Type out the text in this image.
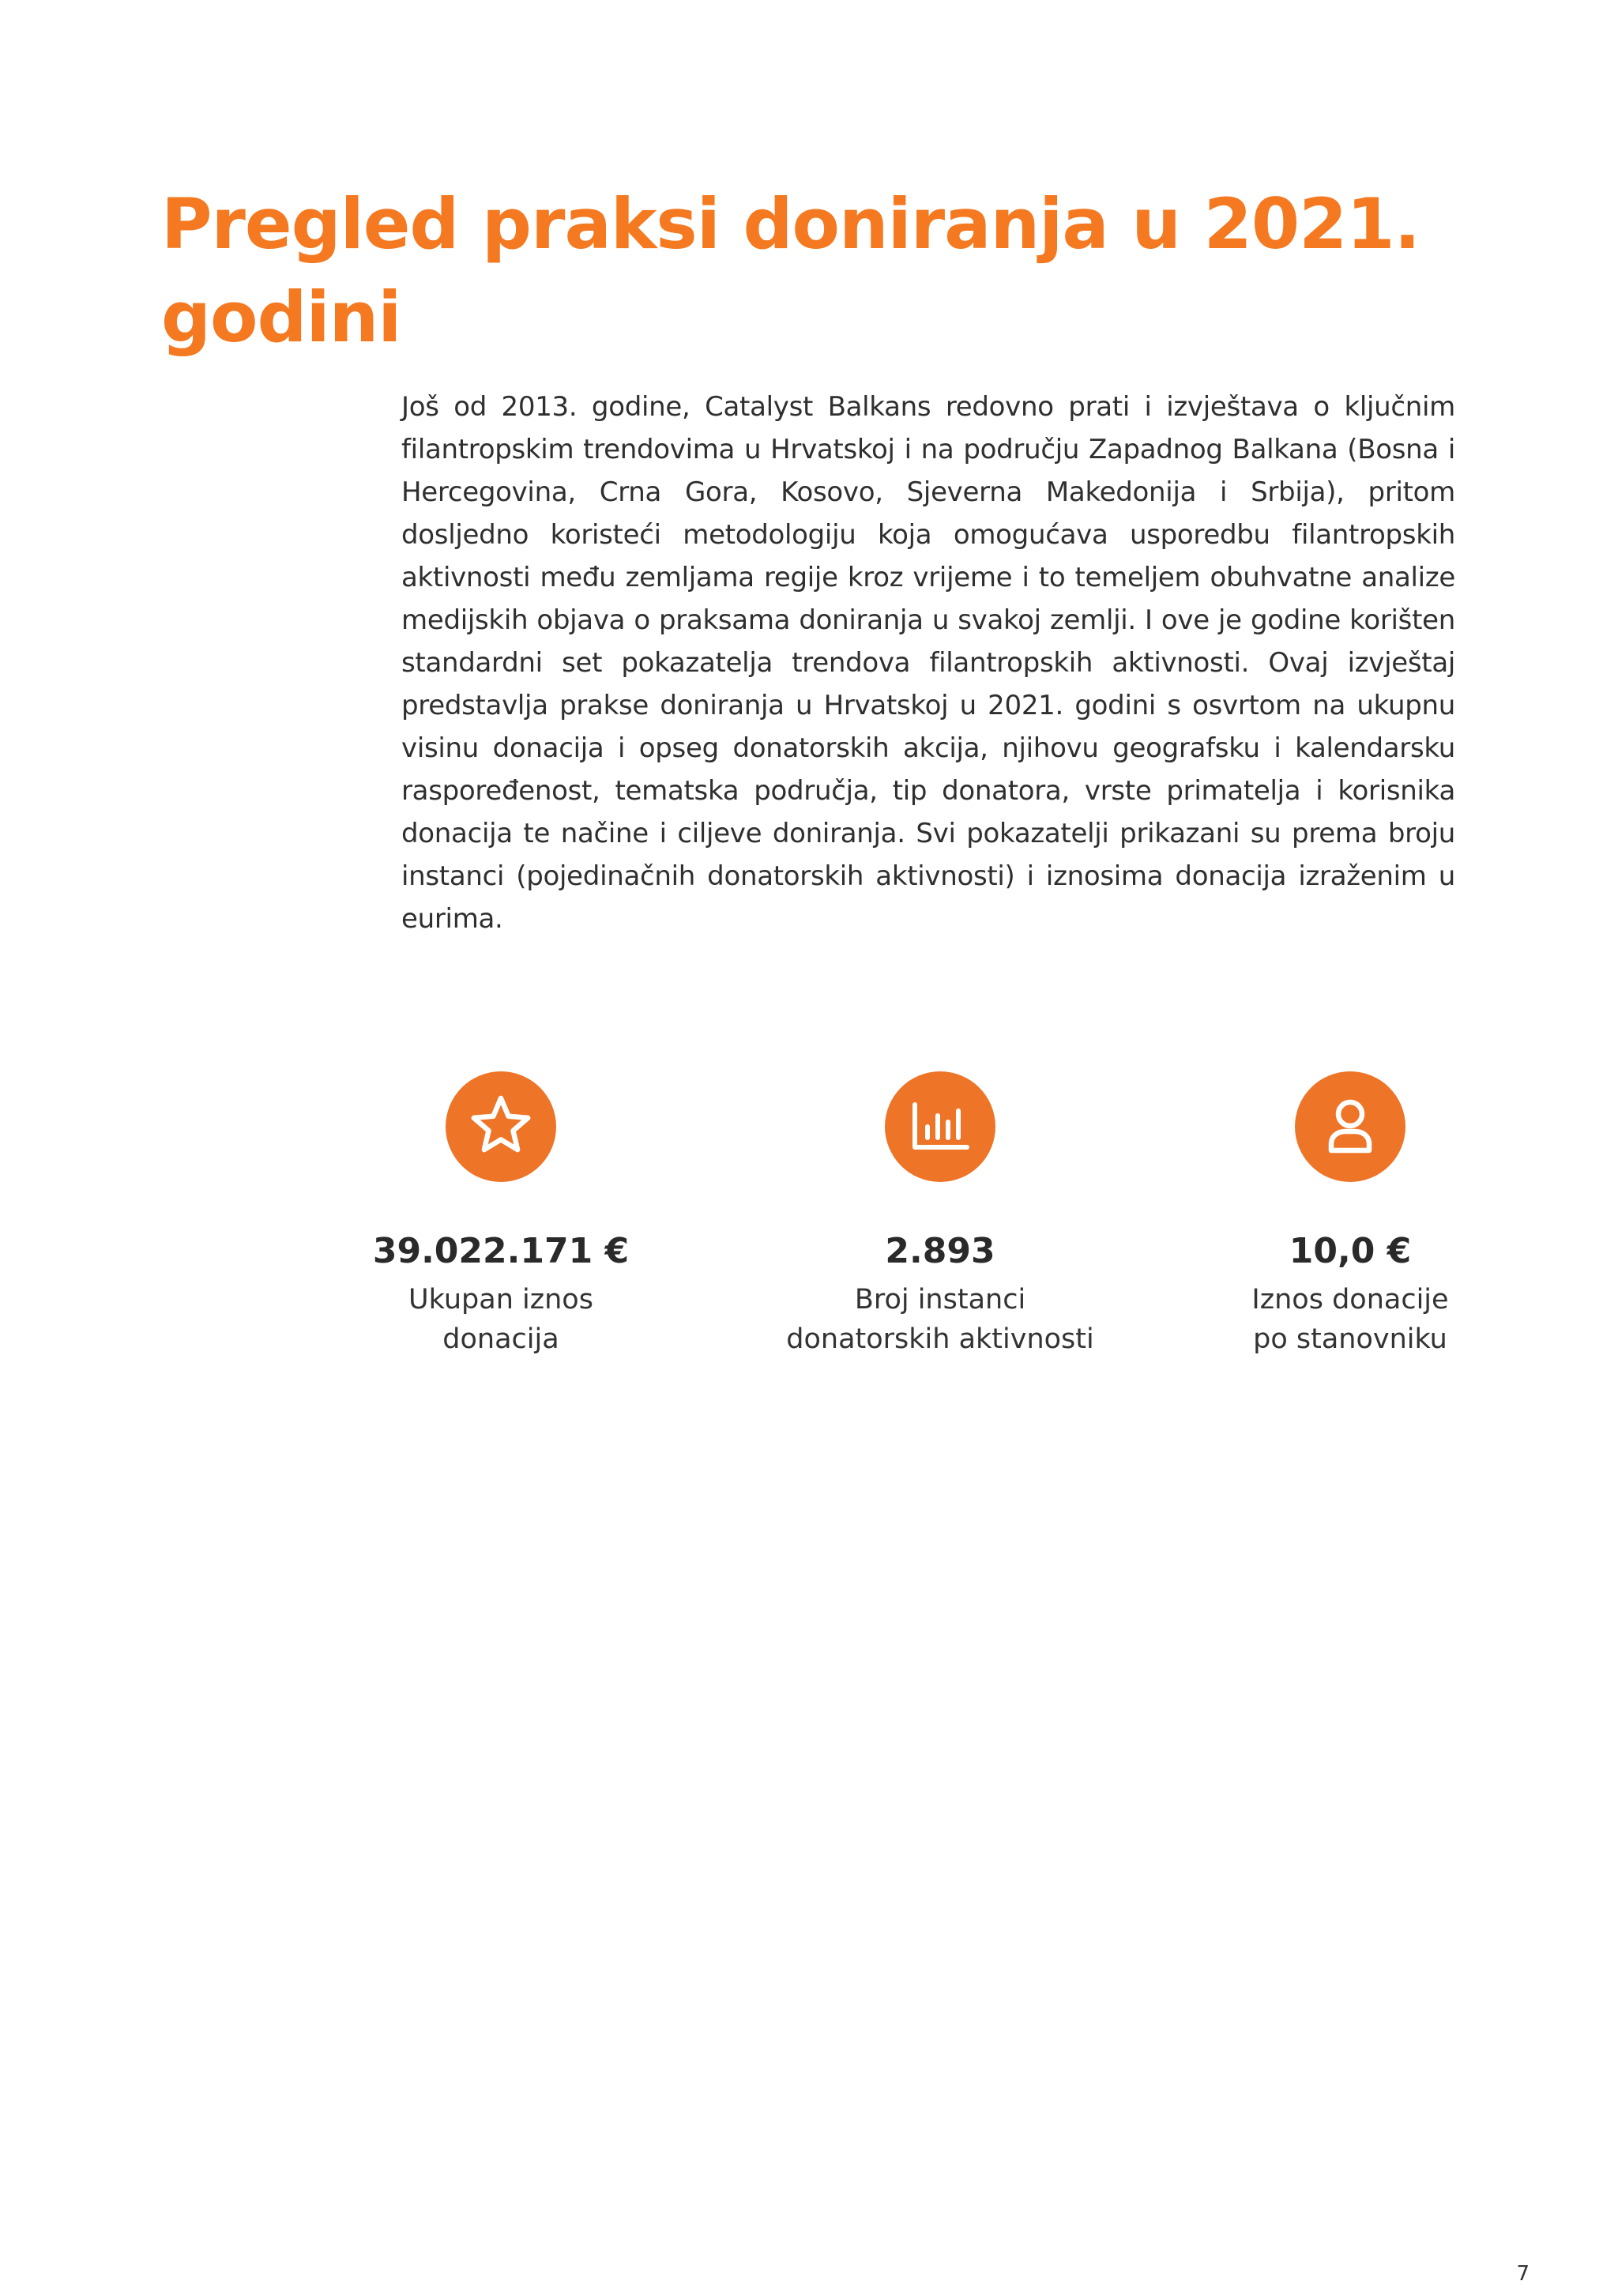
Pregled praksi doniranja u 2021. godini

Još od 2013. godine, Catalyst Balkans redovno prati i izvještava o ključnim filantropskim trendovima u Hrvatskoj i na području Zapadnog Balkana (Bosna i Hercegovina, Crna Gora, Kosovo, Sjeverna Makedonija i Srbija), pritom dosljedno koristeći metodologiju koja omogućava usporedbu filantropskih aktivnosti među zemljama regije kroz vrijeme i to temeljem obuhvatne analize medijskih objava o praksama doniranja u svakoj zemlji. I ove je godine korišten standardni set pokazatelja trendova filantropskih aktivnosti. Ovaj izvještaj predstavlja prakse doniranja u Hrvatskoj u 2021. godini s osvrtom na ukupnu visinu donacija i opseg donatorskih akcija, njihovu geografsku i kalendarsku raspoređenost, tematska područja, tip donatora, vrste primatelja i korisnika donacija te načine i ciljeve doniranja. Svi pokazatelji prikazani su prema broju instanci (pojedinačnih donatorskih aktivnosti) i iznosima donacija izraženim u eurima.

39.022.171 €
Ukupan iznos
donacija
2.893
Broj instanci
donatorskih aktivnosti
10,0 €
Iznos donacije
po stanovniku
7
